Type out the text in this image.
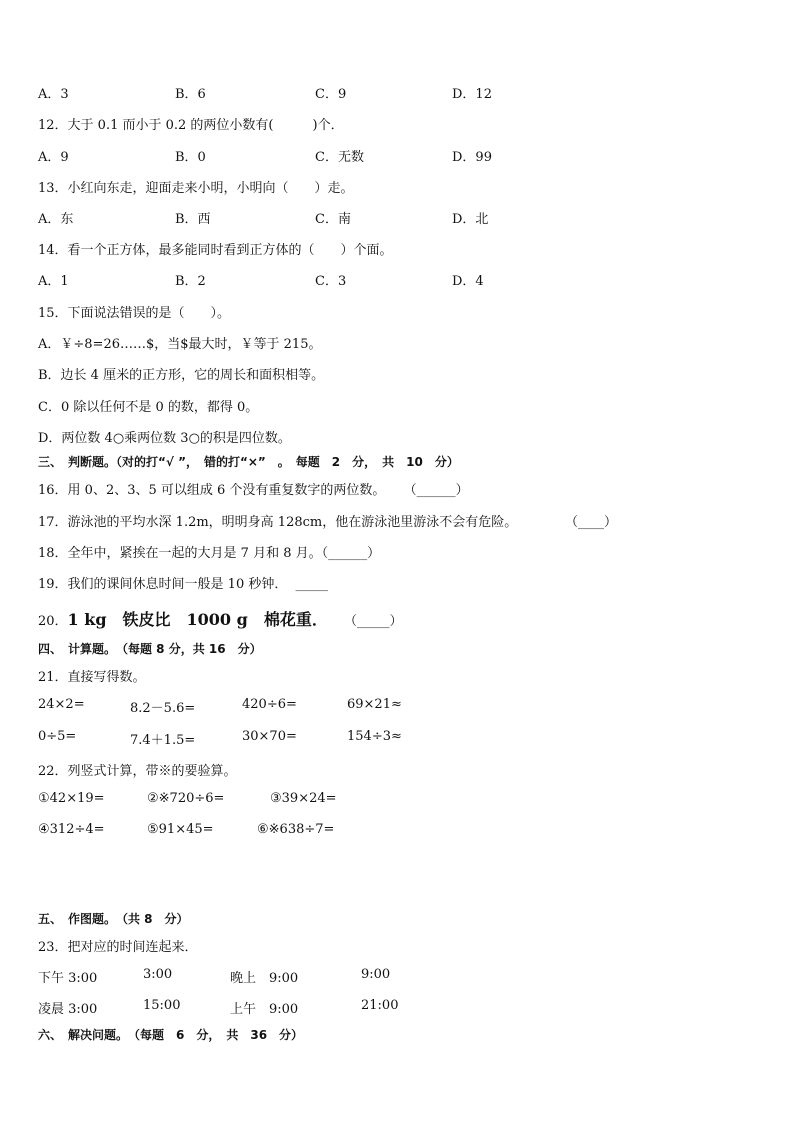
A．3	B．6	C．9	D．12
12．大于 0.1 而小于 0.2 的两位小数有(　　　)个．
A．9	B．0	C．无数	D．99
13．小红向东走，迎面走来小明，小明向（　　）走。
A．东	B．西	C．南	D．北
14．看一个正方体，最多能同时看到正方体的（　　）个面。
A．1	B．2	C．3	D．4
15．下面说法错误的是（　　）。
A．￥÷8=26……$，当$最大时，￥等于 215。
B．边长 4 厘米的正方形，它的周长和面积相等。
C．0 除以任何不是 0 的数，都得 0。
D．两位数 4○乘两位数 3○的积是四位数。
三、　判断题。（对的打“√ ”，　错的打“×”　。　每题　2　分，　共　10　分）
16．用 0、2、3、5 可以组成 6 个没有重复数字的两位数。 （______）
17．游泳池的平均水深 1.2m，明明身高 128cm，他在游泳池里游泳不会有危险。	（____）
18．全年中，紧挨在一起的大月是 7 月和 8 月。（______）
19．我们的课间休息时间一般是 10 秒钟． _____
20．1 kg　铁皮比　1000 g　棉花重． （_____）
四、　计算题。　（每题 8 分，共 16　分）
21．直接写得数。
24×2=	8.2－5.6=	420÷6=	69×21≈
0÷5=	7.4＋1.5=	30×70=	154÷3≈
22．列竖式计算，带※的要验算。
①42×19=	②※720÷6=	③39×24=
④312÷4=	⑤91×45=	⑥※638÷7=
五、　作图题。　（共 8　分）
23．把对应的时间连起来．
下午 3:00	3:00	晚上　9:00	9:00
凌晨 3:00	15:00	上午　9:00	21:00
六、　解决问题。　（每题　6　分，　共　36　分）
